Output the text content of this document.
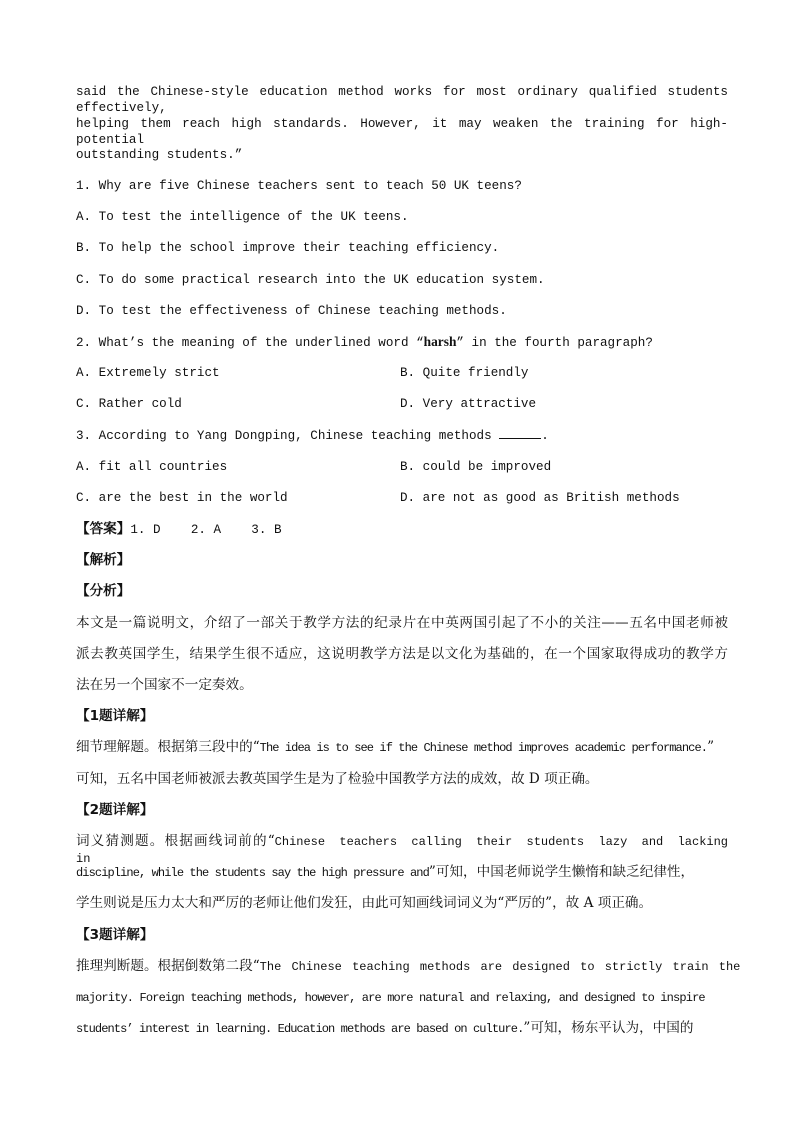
said the Chinese-style education method works for most ordinary qualified students effectively,
helping them reach high standards. However, it may weaken the training for high-potential
outstanding students.”
1. Why are five Chinese teachers sent to teach 50 UK teens?
A. To test the intelligence of the UK teens.
B. To help the school improve their teaching efficiency.
C. To do some practical research into the UK education system.
D. To test the effectiveness of Chinese teaching methods.
2. What’s the meaning of the underlined word “harsh” in the fourth paragraph?
A. Extremely strict	B. Quite friendly
C. Rather cold	D. Very attractive
3. According to Yang Dongping, Chinese teaching methods	.
A. fit all countries	B. could be improved
C. are the best in the world	D. are not as good as British methods
【答案】1. D    2. A    3. B
【解析】
【分析】
本文是一篇说明文，介绍了一部关于教学方法的纪录片在中英两国引起了不小的关注——五名中国老师被
派去教英国学生，结果学生很不适应，这说明教学方法是以文化为基础的，在一个国家取得成功的教学方
法在另一个国家不一定奏效。
【1题详解】
细节理解题。根据第三段中的“The idea is to see if the Chinese method improves academic performance.”
可知，五名中国老师被派去教英国学生是为了检验中国教学方法的成效，故 D 项正确。
【2题详解】
词义猜测题。根据画线词前的“Chinese teachers calling their students lazy and lacking in
discipline, while the students say the high pressure and”可知，中国老师说学生懒惰和缺乏纪律性，
学生则说是压力太大和严厉的老师让他们发狂，由此可知画线词词义为“严厉的”，故 A 项正确。
【3题详解】
推理判断题。根据倒数第二段“The Chinese teaching methods are designed to strictly train the
majority. Foreign teaching methods, however, are more natural and relaxing, and designed to inspire
students’ interest in learning. Education methods are based on culture.”可知，杨东平认为，中国的
